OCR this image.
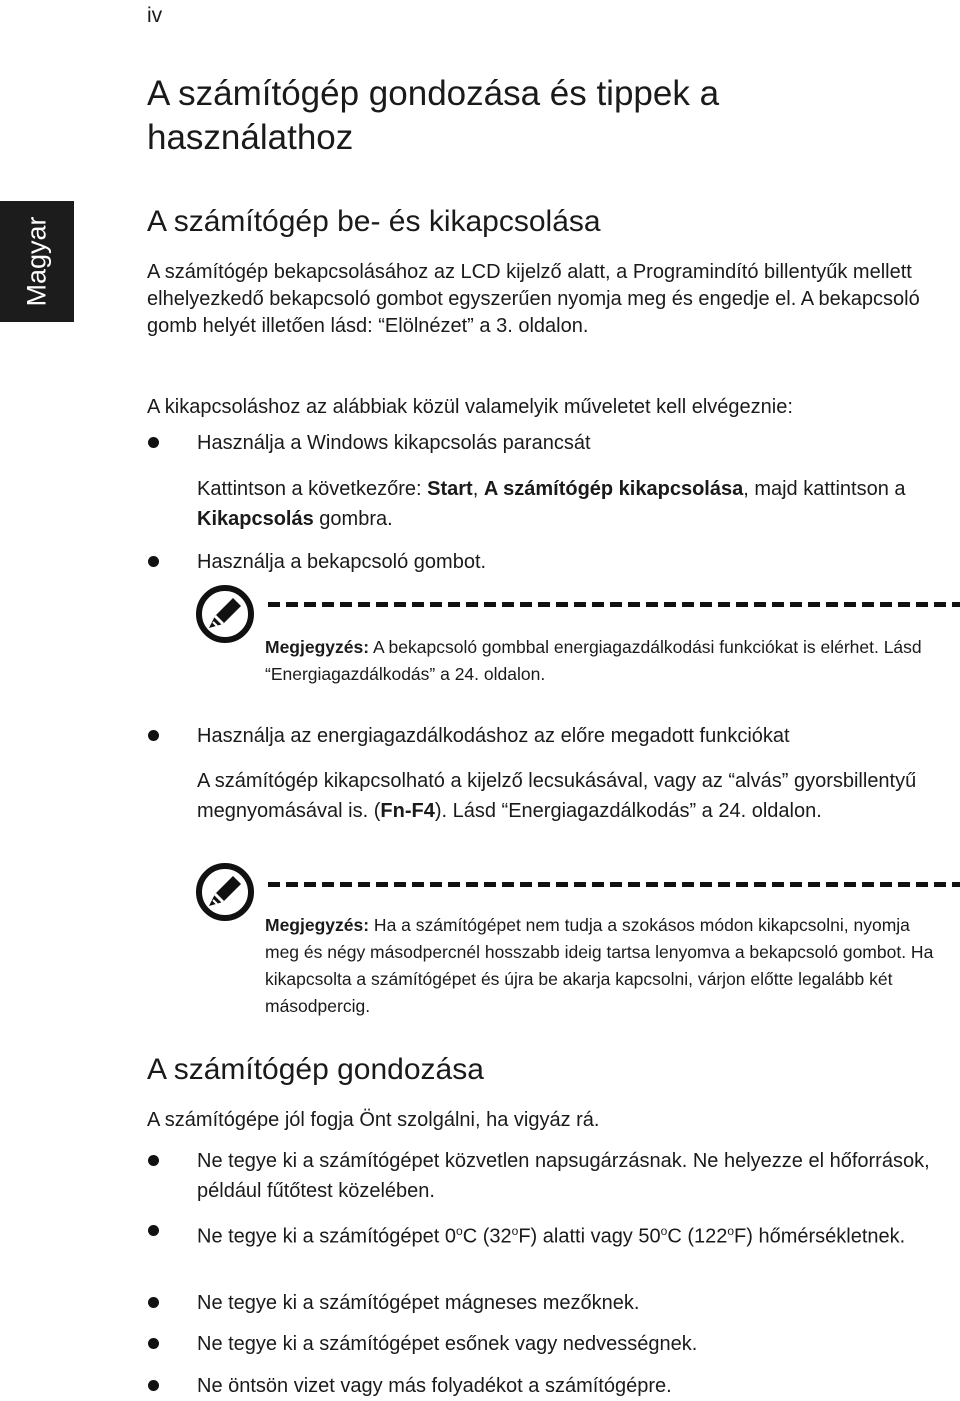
iv
Magyar
A számítógép gondozása és tippek a használathoz
A számítógép be- és kikapcsolása
A számítógép bekapcsolásához az LCD kijelző alatt, a Programindító billentyűk mellett elhelyezkedő bekapcsoló gombot egyszerűen nyomja meg és engedje el. A bekapcsoló gomb helyét illetően lásd: “Elölnézet” a 3. oldalon.
A kikapcsoláshoz az alábbiak közül valamelyik műveletet kell elvégeznie:
Használja a Windows kikapcsolás parancsát
Kattintson a következőre: Start, A számítógép kikapcsolása, majd kattintson a Kikapcsolás gombra.
Használja a bekapcsoló gombot.
Megjegyzés: A bekapcsoló gombbal energiagazdálkodási funkciókat is elérhet. Lásd “Energiagazdálkodás” a 24. oldalon.
Használja az energiagazdálkodáshoz az előre megadott funkciókat
A számítógép kikapcsolható a kijelző lecsukásával, vagy az “alvás” gyorsbillentyű megnyomásával is. (Fn-F4). Lásd “Energiagazdálkodás” a 24. oldalon.
Megjegyzés: Ha a számítógépet nem tudja a szokásos módon kikapcsolni, nyomja meg és négy másodpercnél hosszabb ideig tartsa lenyomva a bekapcsoló gombot. Ha kikapcsolta a számítógépet és újra be akarja kapcsolni, várjon előtte legalább két másodpercig.
A számítógép gondozása
A számítógépe jól fogja Önt szolgálni, ha vigyáz rá.
Ne tegye ki a számítógépet közvetlen napsugárzásnak. Ne helyezze el hőforrások, például fűtőtest közelében.
Ne tegye ki a számítógépet 0$^o$C (32$^o$F) alatti vagy 50$^o$C (122$^o$F) hőmérsékletnek.
Ne tegye ki a számítógépet mágneses mezőknek.
Ne tegye ki a számítógépet esőnek vagy nedvességnek.
Ne öntsön vizet vagy más folyadékot a számítógépre.
